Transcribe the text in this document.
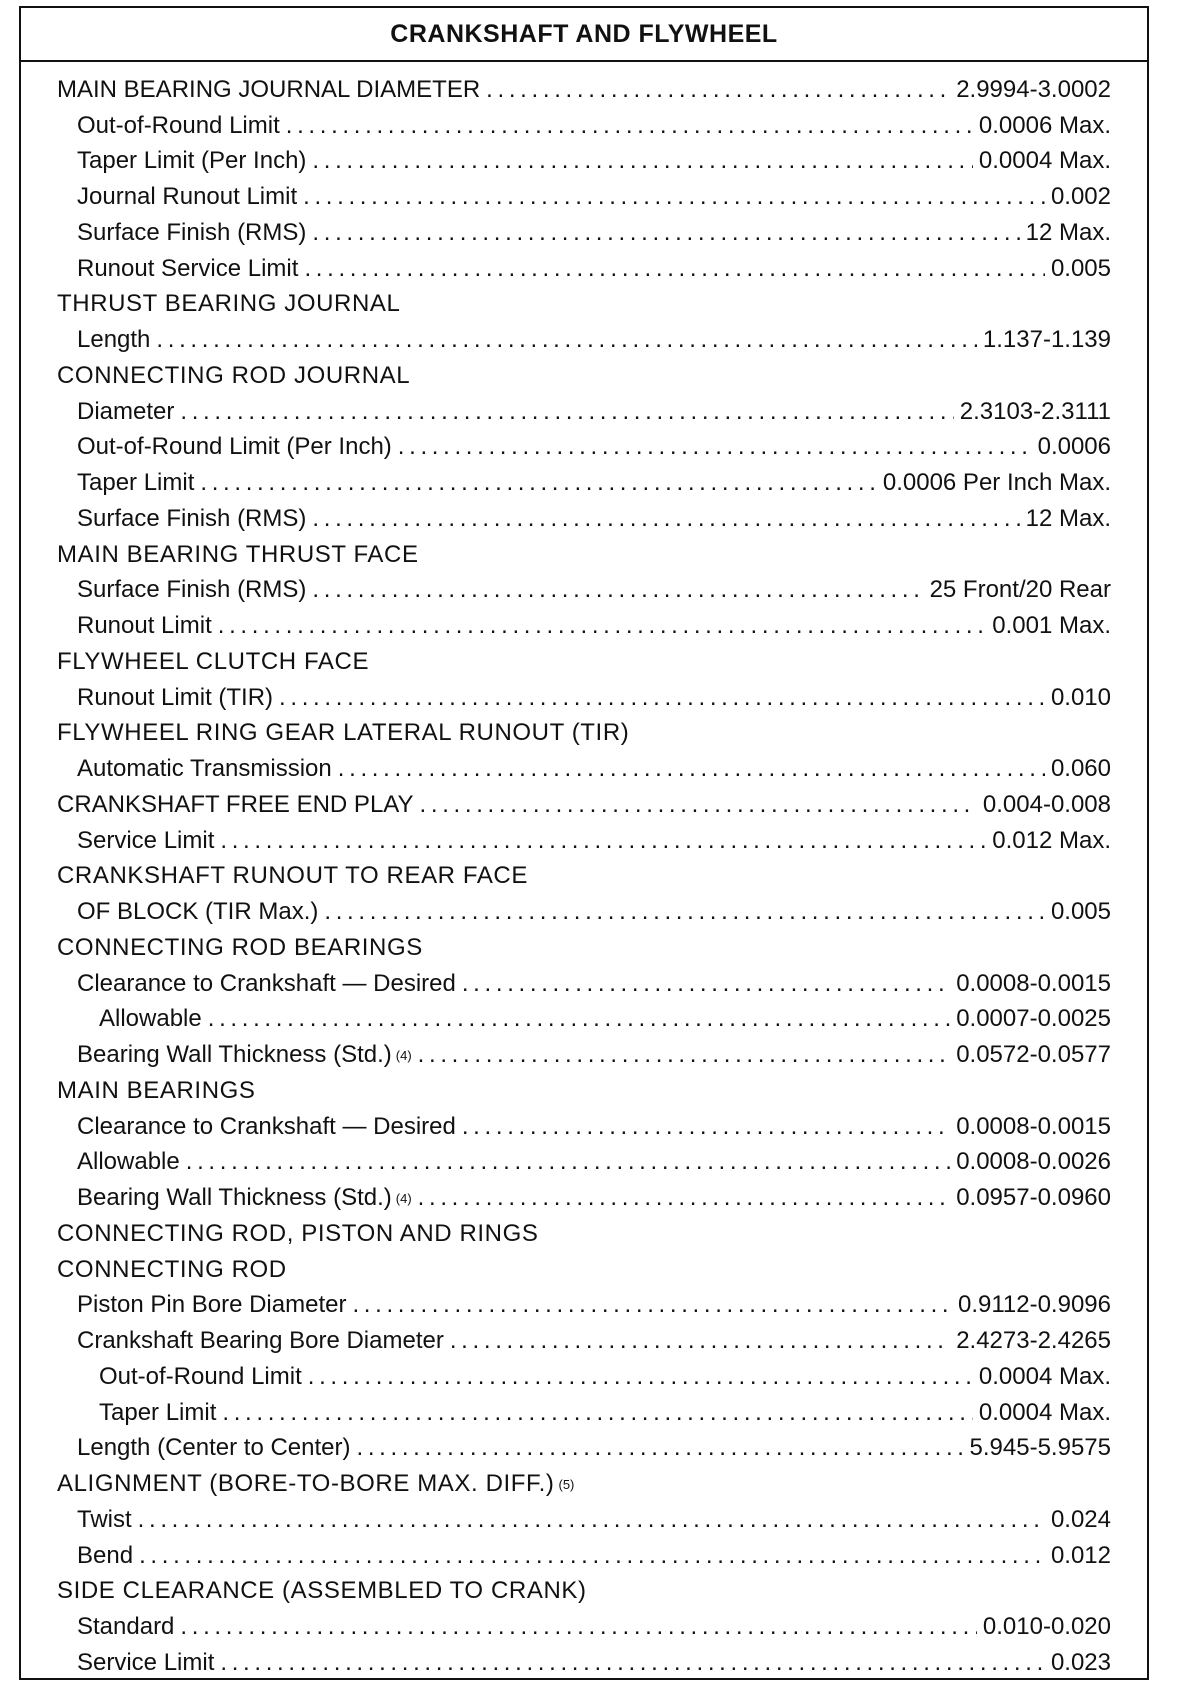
CRANKSHAFT AND FLYWHEEL
MAIN BEARING JOURNAL DIAMETER . . .	2.9994-3.0002
Out-of-Round Limit . . .	0.0006 Max.
Taper Limit (Per Inch) . . .	0.0004 Max.
Journal Runout Limit . . .	0.002
Surface Finish (RMS) . . .	12 Max.
Runout Service Limit . . .	0.005
THRUST BEARING JOURNAL
Length . . .	1.137-1.139
CONNECTING ROD JOURNAL
Diameter . . .	2.3103-2.3111
Out-of-Round Limit (Per Inch) . . .	0.0006
Taper Limit . . .	0.0006 Per Inch Max.
Surface Finish (RMS) . . .	12 Max.
MAIN BEARING THRUST FACE
Surface Finish (RMS) . . .	25 Front/20 Rear
Runout Limit . . .	0.001 Max.
FLYWHEEL CLUTCH FACE
Runout Limit (TIR) . . .	0.010
FLYWHEEL RING GEAR LATERAL RUNOUT (TIR)
Automatic Transmission . . .	0.060
CRANKSHAFT FREE END PLAY . . .	0.004-0.008
Service Limit . . .	0.012 Max.
CRANKSHAFT RUNOUT TO REAR FACE
OF BLOCK (TIR Max.) . . .	0.005
CONNECTING ROD BEARINGS
Clearance to Crankshaft — Desired . . .	0.0008-0.0015
Allowable . . .	0.0007-0.0025
Bearing Wall Thickness (Std.) (4) . . .	0.0572-0.0577
MAIN BEARINGS
Clearance to Crankshaft — Desired . . .	0.0008-0.0015
Allowable . . .	0.0008-0.0026
Bearing Wall Thickness (Std.) (4) . . .	0.0957-0.0960
CONNECTING ROD, PISTON AND RINGS
CONNECTING ROD
Piston Pin Bore Diameter . . .	0.9112-0.9096
Crankshaft Bearing Bore Diameter . . .	2.4273-2.4265
Out-of-Round Limit . . .	0.0004 Max.
Taper Limit . . .	0.0004 Max.
Length (Center to Center) . . .	5.945-5.9575
ALIGNMENT (BORE-TO-BORE MAX. DIFF.) (5)
Twist . . .	0.024
Bend . . .	0.012
SIDE CLEARANCE (ASSEMBLED TO CRANK)
Standard . . .	0.010-0.020
Service Limit . . .	0.023
